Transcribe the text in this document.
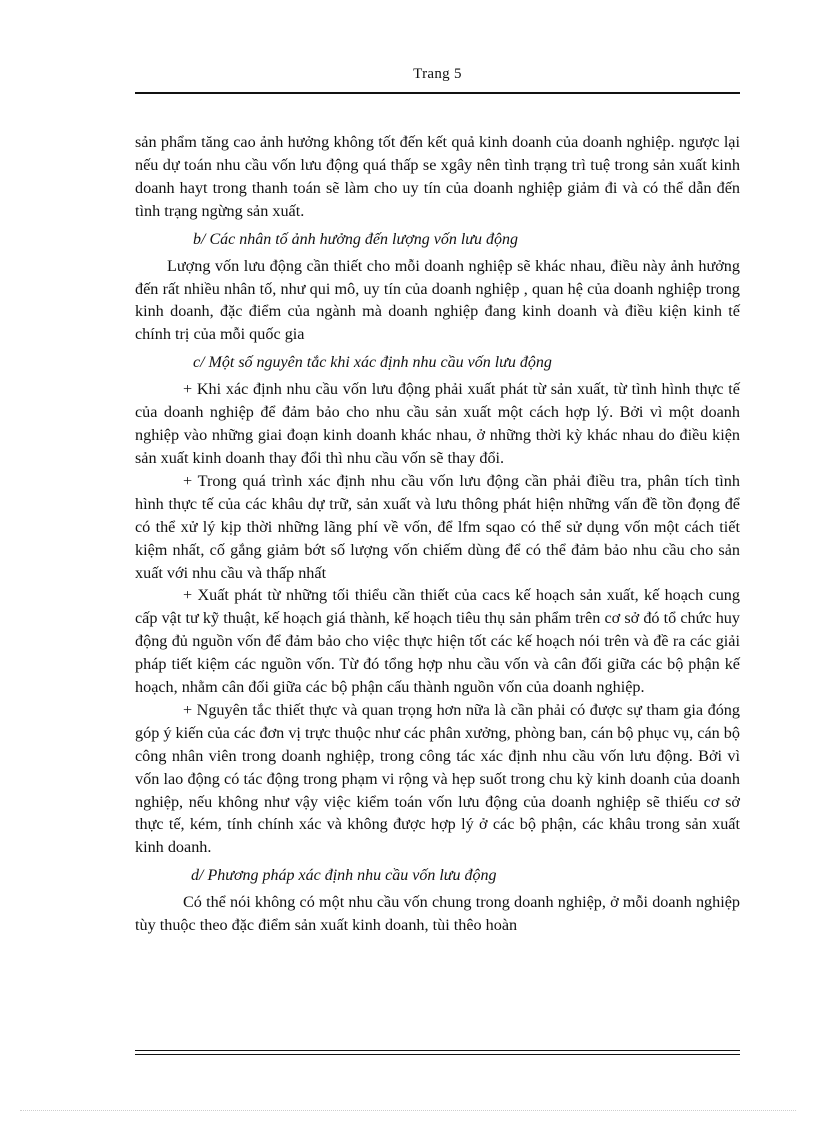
Trang 5

sản phẩm tăng cao ảnh hưởng không tốt đến kết quả kinh doanh của doanh nghiệp. ngược lại nếu dự toán nhu cầu vốn lưu động quá thấp se xgây nên tình trạng trì tuệ trong sản xuất kinh doanh hayt trong thanh toán sẽ làm cho uy tín của doanh nghiệp giảm đi và có thể dẫn đến tình trạng ngừng sản xuất.

b/ Các nhân tố ảnh hưởng đến lượng vốn lưu động

Lượng vốn lưu động cần thiết cho mỗi doanh nghiệp sẽ khác nhau, điều này ảnh hưởng đến rất nhiều nhân tố, như qui mô, uy tín của doanh nghiệp , quan hệ của doanh nghiệp trong kinh doanh, đặc điểm của ngành mà doanh nghiệp đang kinh doanh và điều kiện kinh tế chính trị của mỗi quốc gia

c/ Một số nguyên tắc khi xác định nhu cầu vốn lưu động

+ Khi xác định nhu cầu vốn lưu động phải xuất phát từ sản xuất, từ tình hình thực tế của doanh nghiệp để đảm bảo cho nhu cầu sản xuất một cách hợp lý. Bởi vì một doanh nghiệp vào những giai đoạn kinh doanh khác nhau, ở những thời kỳ khác nhau do điều kiện sản xuất kinh doanh thay đổi thì nhu cầu vốn sẽ thay đổi.

+ Trong quá trình xác định nhu cầu vốn lưu động cần phải điều tra, phân tích tình hình thực tế của các khâu dự trữ, sản xuất và lưu thông phát hiện những vấn đề tồn đọng để có thể xử lý kịp thời những lãng phí về vốn, để lfm sqao có thể sử dụng vốn một cách tiết kiệm nhất, cố gắng giảm bớt số lượng vốn chiếm dùng để có thể đảm bảo nhu cầu cho sản xuất với nhu cầu và thấp nhất

+ Xuất phát từ những tối thiểu cần thiết của cacs kế hoạch sản xuất, kế hoạch cung cấp vật tư kỹ thuật, kế hoạch giá thành, kế hoạch tiêu thụ sản phẩm trên cơ sở đó tổ chức huy động đủ nguồn vốn để đảm bảo cho việc thực hiện tốt các kế hoạch nói trên và đề ra các giải pháp tiết kiệm các nguồn vốn. Từ đó tổng hợp nhu cầu vốn và cân đối giữa các bộ phận kế hoạch, nhằm cân đối giữa các bộ phận cấu thành nguồn vốn của doanh nghiệp.

+ Nguyên tắc thiết thực và quan trọng hơn nữa là cần phải có được sự tham gia đóng góp ý kiến của các đơn vị trực thuộc như các phân xưởng, phòng ban, cán bộ phục vụ, cán bộ công nhân viên trong doanh nghiệp, trong công tác xác định nhu cầu vốn lưu động. Bởi vì vốn lao động có tác động trong phạm vi rộng và hẹp suốt trong chu kỳ kinh doanh của doanh nghiệp, nếu không như vậy việc kiểm toán vốn lưu động của doanh nghiệp sẽ thiếu cơ sở thực tế, kém, tính chính xác và không được hợp lý ở các bộ phận, các khâu trong sản xuất kinh doanh.

d/ Phương pháp xác định nhu cầu vốn lưu động

Có thể nói không có một nhu cầu vốn chung trong doanh nghiệp, ở mỗi doanh nghiệp tùy thuộc theo đặc điểm sản xuất kinh doanh, tùi thêo hoàn
